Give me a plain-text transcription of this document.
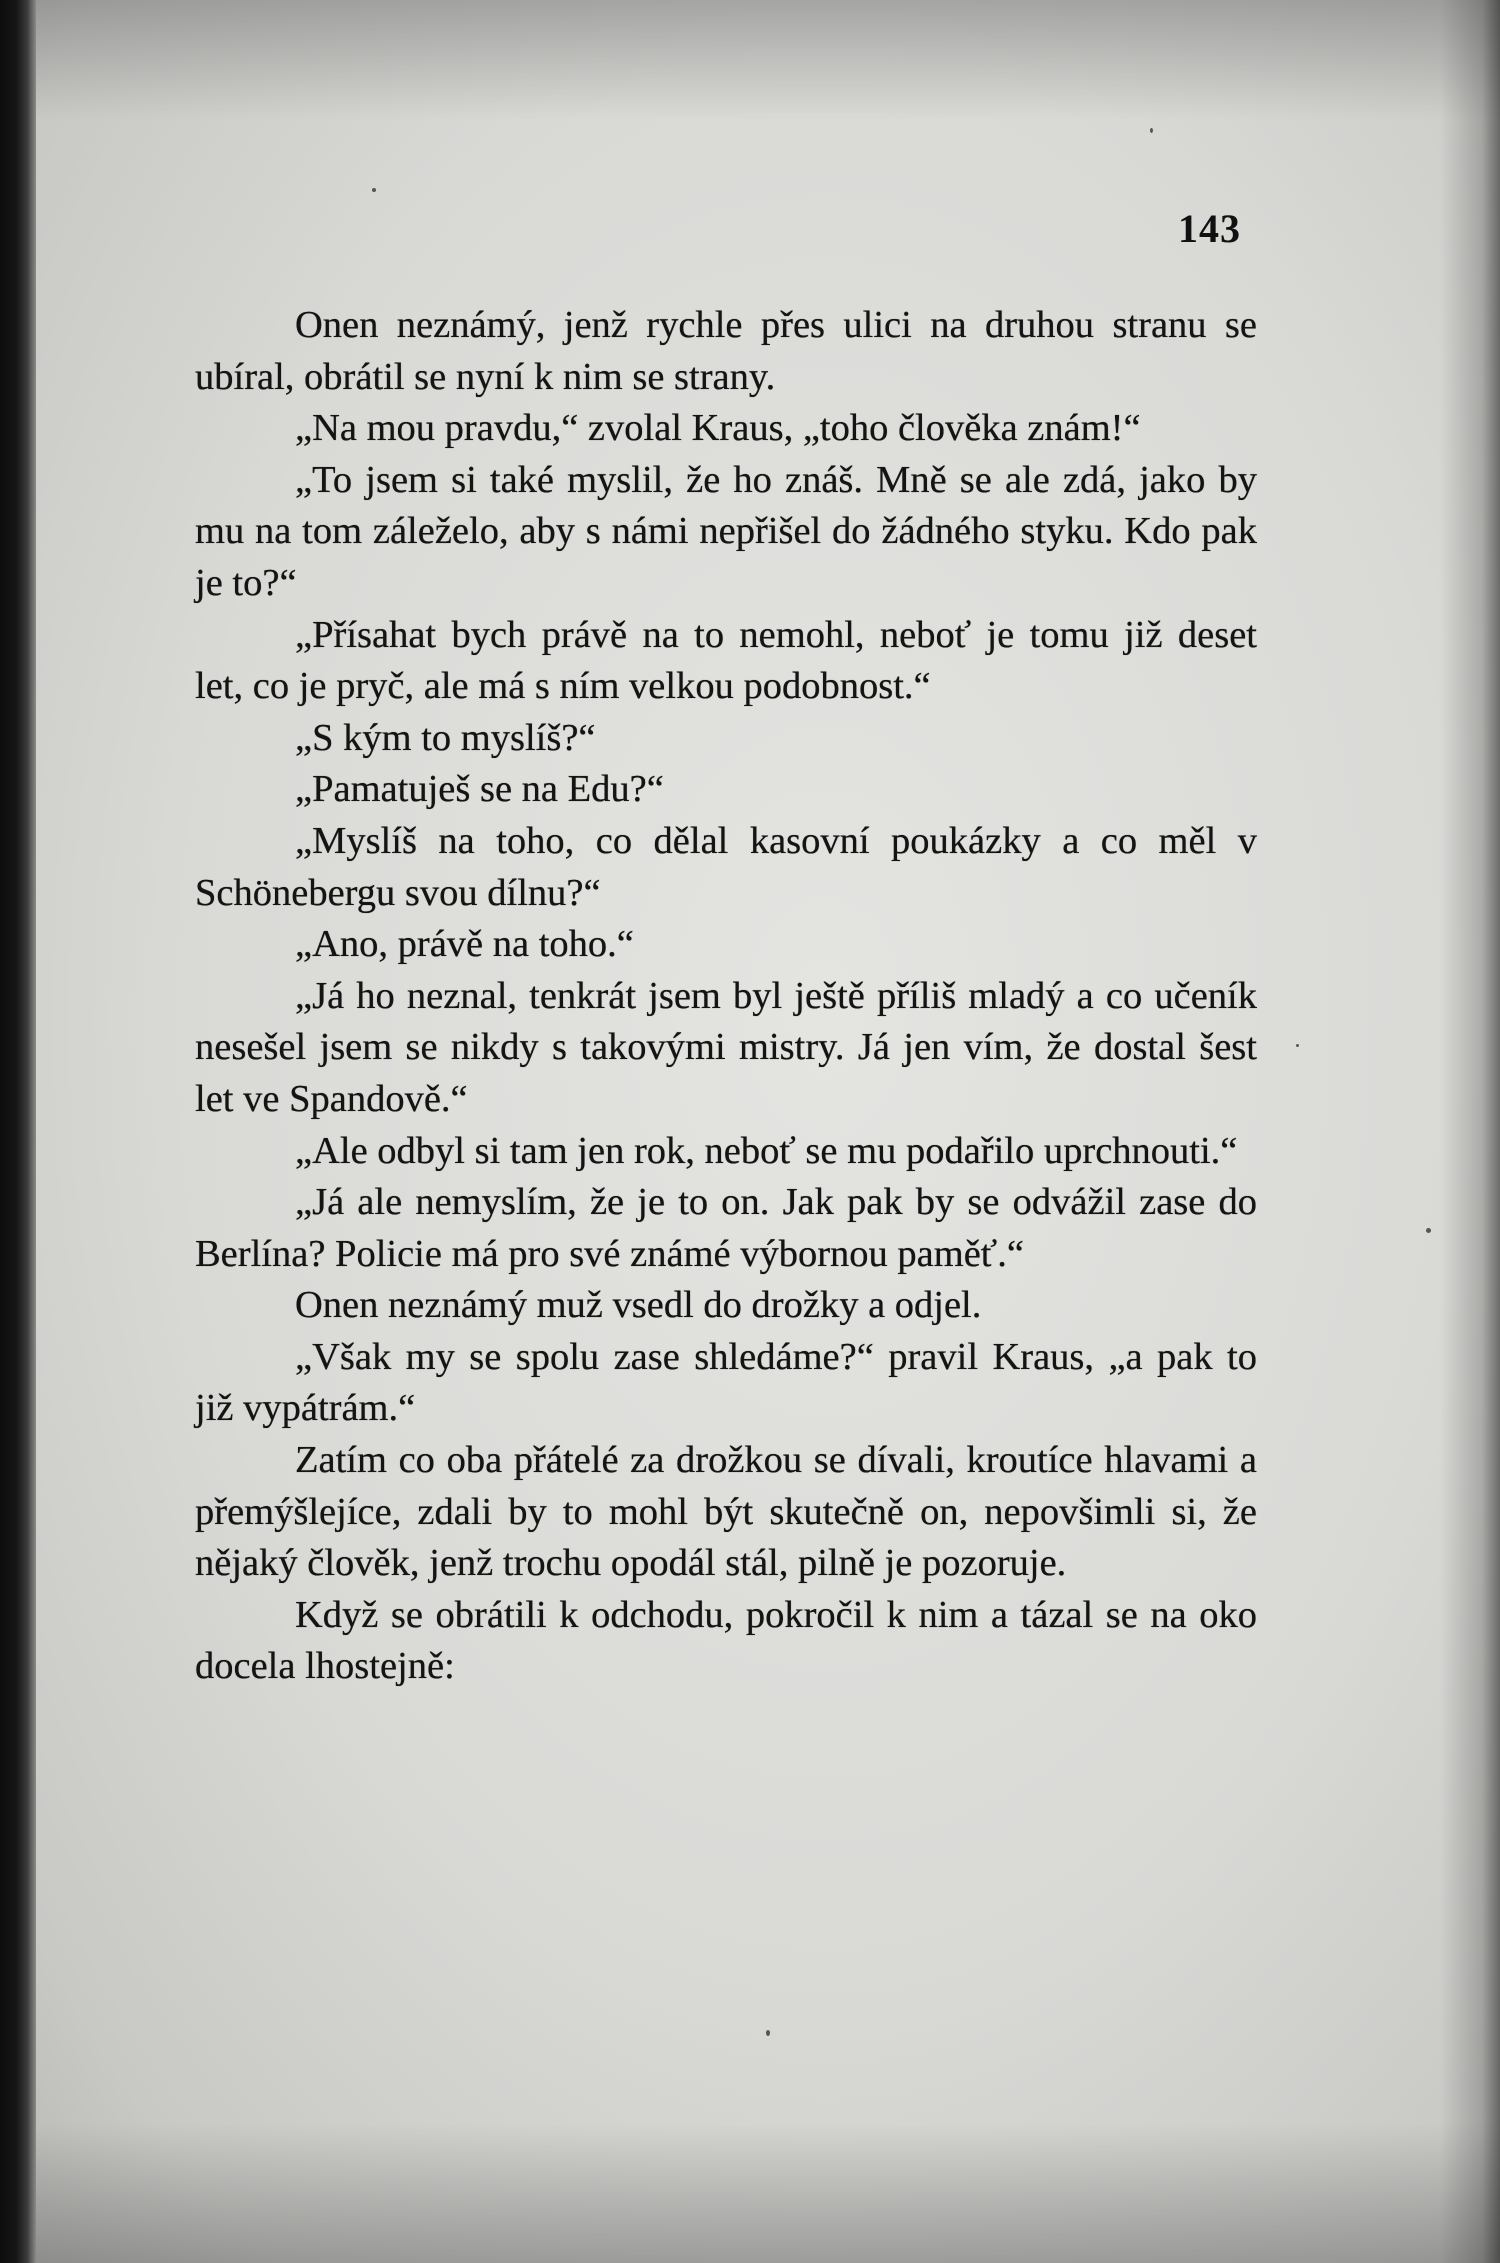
143

Onen neznámý, jenž rychle přes ulici na druhou stranu se ubíral, obrátil se nyní k nim se strany.

„Na mou pravdu,“ zvolal Kraus, „toho člověka znám!“

„To jsem si také myslil, že ho znáš. Mně se ale zdá, jako by mu na tom záleželo, aby s námi nepřišel do žádného styku. Kdo pak je to?“

„Přísahat bych právě na to nemohl, neboť je tomu již deset let, co je pryč, ale má s ním velkou podobnost.“

„S kým to myslíš?“

„Pamatuješ se na Edu?“

„Myslíš na toho, co dělal kasovní poukázky a co měl v Schönebergu svou dílnu?“

„Ano, právě na toho.“

„Já ho neznal, tenkrát jsem byl ještě příliš mladý a co učeník nesešel jsem se nikdy s takovými mistry. Já jen vím, že dostal šest let ve Spandově.“

„Ale odbyl si tam jen rok, neboť se mu podařilo uprchnouti.“

„Já ale nemyslím, že je to on. Jak pak by se odvážil zase do Berlína? Policie má pro své známé výbornou paměť.“

Onen neznámý muž vsedl do drožky a odjel.

„Však my se spolu zase shledáme?“ pravil Kraus, „a pak to již vypátrám.“

Zatím co oba přátelé za drožkou se dívali, kroutíce hlavami a přemýšlejíce, zdali by to mohl být skutečně on, nepovšimli si, že nějaký člověk, jenž trochu opodál stál, pilně je pozoruje.

Když se obrátili k odchodu, pokročil k nim a tázal se na oko docela lhostejně:
